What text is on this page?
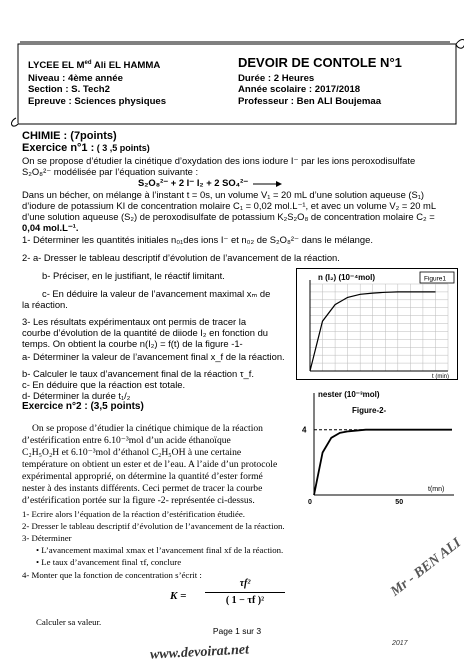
LYCEE EL $M^{ed}$ Ali EL HAMMA
Niveau : 4ème année
Section : S. Tech2
Epreuve : Sciences physiques
DEVOIR DE CONTOLE N°1
Durée : 2 Heures
Année scolaire : 2017/2018
Professeur : Ben ALI Boujemaa
CHIMIE : (7points)
Exercice n°1 : ( 3 ,5 points)
On se propose d’étudier la cinétique d’oxydation des ions iodure I⁻ par les ions peroxodisulfate
S₂O₈²⁻ modélisée par l’équation suivante :
S₂O₈²⁻ + 2 I⁻ I₂ + 2 SO₄²⁻ →
Dans un bécher, on mélange à l’instant t = 0s, un volume V₁ = 20 mL d’une solution aqueuse (S₁)
d’iodure de potassium KI de concentration molaire C₁ = 0,02 mol.L⁻¹, et avec un volume V₂ = 20 mL
d’une solution aqueuse (S₂) de peroxodisulfate de potassium K₂S₂O₈ de concentration molaire C₂ =
0,04 mol.L⁻¹.
1- Déterminer les quantités initiales n₀₁des ions I⁻ et n₀₂ de S₂O₈²⁻ dans le mélange.
2- a- Dresser le tableau descriptif d’évolution de l’avancement de la réaction.
b- Préciser, en le justifiant, le réactif limitant.
c- En déduire la valeur de l’avancement maximal xₘ de
la réaction.
3- Les résultats expérimentaux ont permis de tracer la
courbe d’évolution de la quantité de diiode I₂ en fonction du
temps. On obtient la courbe n(I₂) = f(t) de la figure -1-
a- Déterminer la valeur de l’avancement final x_f de la réaction.
b- Calculer le taux d’avancement final de la réaction τ_f.
c- En déduire que la réaction est totale.
d- Déterminer la durée t₁/₂
Exercice n°2 : (3,5 points)
On se propose d’étudier la cinétique chimique de la réaction
d’estérification entre 6.10⁻³mol d’un acide éthanoïque
C₂H₅O₂H et 6.10⁻³mol d’éthanol C₂H₅OH à une certaine
température on obtient un ester et de l’eau. A l’aide d’un protocole
expérimental approprié, on détermine la quantité d’ester formé
nester à des instants différents. Ceci permet de tracer la courbe
d’estérification portée sur la figure -2- représentée ci-dessus.
1- Ecrire alors l’équation de la réaction d’estérification étudiée.
2- Dresser le tableau descriptif d’évolution de l’avancement de la réaction.
3- Déterminer
• L’avancement maximal xmax et l’avancement final xf de la réaction.
• Le taux d’avancement final τf, conclure
4- Monter que la fonction de concentration s’écrit :
K =
τf²
( 1 − τf )²
Calculer sa valeur.
n (I₂) (10⁻⁴mol)	Figure1
t (min)
nester (10⁻³mol)
Figure-2-
4
0	50
t(mn)
Mr - BEN ALI
Page 1 sur 3
www.devoirat.net	2017
